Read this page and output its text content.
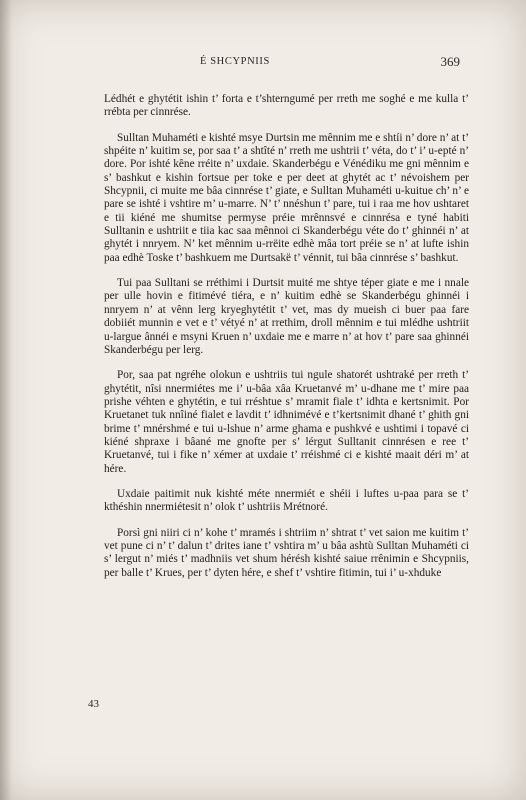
É SHCYPNIIS	369

Lédhét e ghytétit ishin t’ forta e t’shterngumé per rreth me soghé e me kulla t’ rrébta per cinnrése.

Sulltan Muhaméti e kishté msye Durtsin me mênnim me e shtíi n’ dore n’ at t’ shpéite n’ kuitim se, por saa t’ a shtîté n’ rreth me ushtrii t’ véta, do t’ i’ u-epté n’ dore. Por ishté kêne rréite n’ uxdaie. Skanderbégu e Vénédiku me gni mênnim e s’ bashkut e kishin fortsue per toke e per deet at ghytét ac t’ névoishem per Shcypnii, ci muite me bâa cinnrése t’ giate, e Sulltan Muhaméti u-kuitue ch’ n’ e pare se ishté i vshtire m’ u-marre. N’ t’ nnéshun t’ pare, tui i raa me hov ushtaret e tii kiéné me shumitse permyse préie mrênnsvé e cinnrésa e tyné habiti Sulltanin e ushtriit e tiia kac saa mênnoi ci Skanderbégu véte do t’ ghinnéi n’ at ghytét i nnryem. N’ ket mênnim u-rrëite edhè mâa tort préie se n’ at lufte ishin paa edhè Toske t’ bashkuem me Durtsakë t’ vénnit, tui bâa cinnrése s’ bashkut.

Tui paa Sulltani se rréthimi i Durtsit muité me shtye téper giate e me i nnale per ulle hovin e fitimévé tiéra, e n’ kuitim edhè se Skanderbégu ghinnéi i nnryem n’ at vênn lerg kryeghytétit t’ vet, mas dy mueish ci buer paa fare dobiiét munnin e vet e t’ vétyé n’ at rrethim, droll mênnim e tui mlédhe ushtriit u-largue ânnéi e msyni Kruen n’ uxdaie me e marre n’ at hov t’ pare saa ghinnéi Skanderbégu per lerg.

Por, saa pat ngréhe olokun e ushtriis tui ngule shatorét ushtraké per rreth t’ ghytétit, nîsi nnermiétes me i’ u-bâa xâa Kruetanvé m’ u-dhane me t’ mire paa prishe véhten e ghytétin, e tui rréshtue s’ mramit fiale t’ idhta e kertsnimit. Por Kruetanet tuk nnîiné fialet e lavdit t’ idhnimévé e t’kertsnimit dhané t’ ghith gni brime t’ mnérshmé e tui u-lshue n’ arme ghama e pushkvé e ushtimi i topavé ci kiéné shpraxe i bâané me gnofte per s’ lérgut Sulltanit cinnrésen e ree t’ Kruetanvé, tui i fike n’ xémer at uxdaie t’ rréishmé ci e kishté maait déri m’ at hére.

Uxdaie paitimit nuk kishté méte nnermiét e shéii i luftes u-paa para se t’ kthéshin nnermiétesit n’ olok t’ ushtriis Mrétnoré.

Porsì gni niiri ci n’ kohe t’ mramés i shtriim n’ shtrat t’ vet saion me kuitim t’ vet pune ci n’ t’ dalun t’ drites iane t’ vshtira m’ u bâa ashtù Sulltan Muhaméti ci s’ lergut n’ miés t’ madhniis vet shum hérésh kishté saiue rrênimin e Shcypniis, per balle t’ Krues, per t’ dyten hére, e shef t’ vshtire fitimin, tui i’ u-xhduke

43
